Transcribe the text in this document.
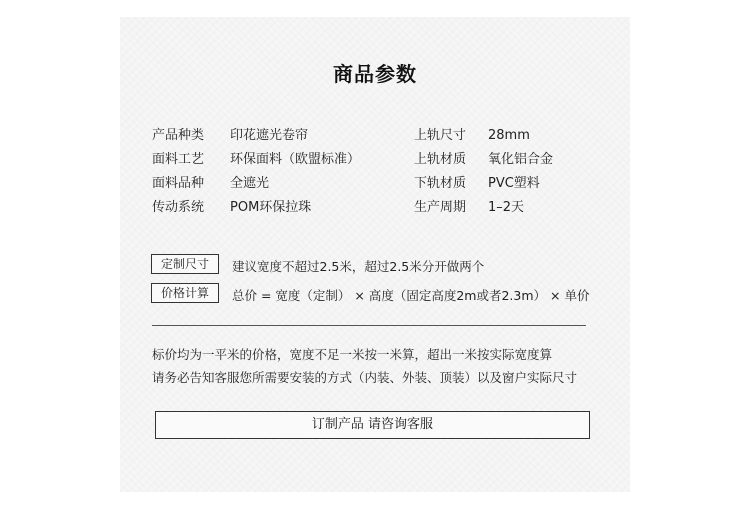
商品参数
产品种类 印花遮光卷帘
面料工艺 环保面料（欧盟标准）
面料品种 全遮光
传动系统 POM环保拉珠
上轨尺寸 28mm
上轨材质 氧化铝合金
下轨材质 PVC塑料
生产周期 1–2天
定制尺寸	建议宽度不超过2.5米，超过2.5米分开做两个
价格计算	总价 = 宽度（定制） × 高度（固定高度2m或者2.3m） × 单价
标价均为一平米的价格，宽度不足一米按一米算，超出一米按实际宽度算
请务必告知客服您所需要安装的方式（内装、外装、顶装）以及窗户实际尺寸
订制产品 请咨询客服
